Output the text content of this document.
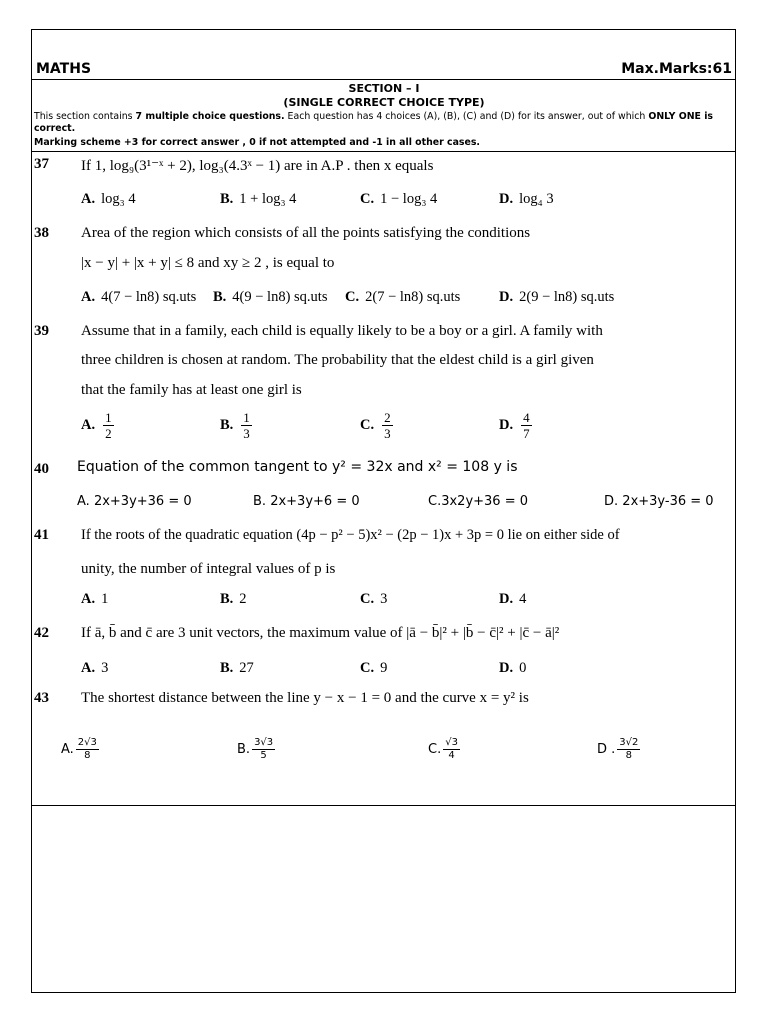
MATHS	Max.Marks:61
SECTION – I
(SINGLE CORRECT CHOICE TYPE)
This section contains 7 multiple choice questions. Each question has 4 choices (A), (B), (C) and (D) for its answer, out of which ONLY ONE is correct.
Marking scheme +3 for correct answer , 0 if not attempted and -1 in all other cases.
37 If 1, log₉(3¹⁻ˣ + 2), log₃(4.3ˣ − 1) are in A.P . then x equals
A. log₃ 4	B. 1 + log₃ 4	C. 1 − log₃ 4	D. log₄ 3
38 Area of the region which consists of all the points satisfying the conditions
|x − y| + |x + y| ≤ 8 and xy ≥ 2 , is equal to
A. 4(7 − ln8) sq.uts B. 4(9 − ln8) sq.uts C. 2(7 − ln8) sq.uts	D. 2(9 − ln8) sq.uts
39 Assume that in a family, each child is equally likely to be a boy or a girl. A family with
three children is chosen at random. The probability that the eldest child is a girl given
that the family has at least one girl is
A. $\frac{1}{2}$	B. $\frac{1}{3}$	C. $\frac{2}{3}$	D. $\frac{4}{7}$
40 Equation of the common tangent to y² = 32x and x² = 108 y is
A. 2x+3y+36 = 0	B. 2x+3y+6 = 0	C.3x2y+36 = 0	D. 2x+3y-36 = 0
41 If the roots of the quadratic equation (4p − p² − 5)x² − (2p − 1)x + 3p = 0 lie on either side of
unity, the number of integral values of p is
A. 1	B. 2	C. 3	D. 4
42 If ā, b̄ and c̄ are 3 unit vectors, the maximum value of |ā − b̄|² + |b̄ − c̄|² + |c̄ − ā|²
A. 3	B. 27	C. 9	D. 0
43 The shortest distance between the line y − x − 1 = 0 and the curve x = y² is
A. $\frac{2√3}{8}$	B. $\frac{3√3}{5}$	C. $\frac{√3}{4}$	D . $\frac{3√2}{8}$
